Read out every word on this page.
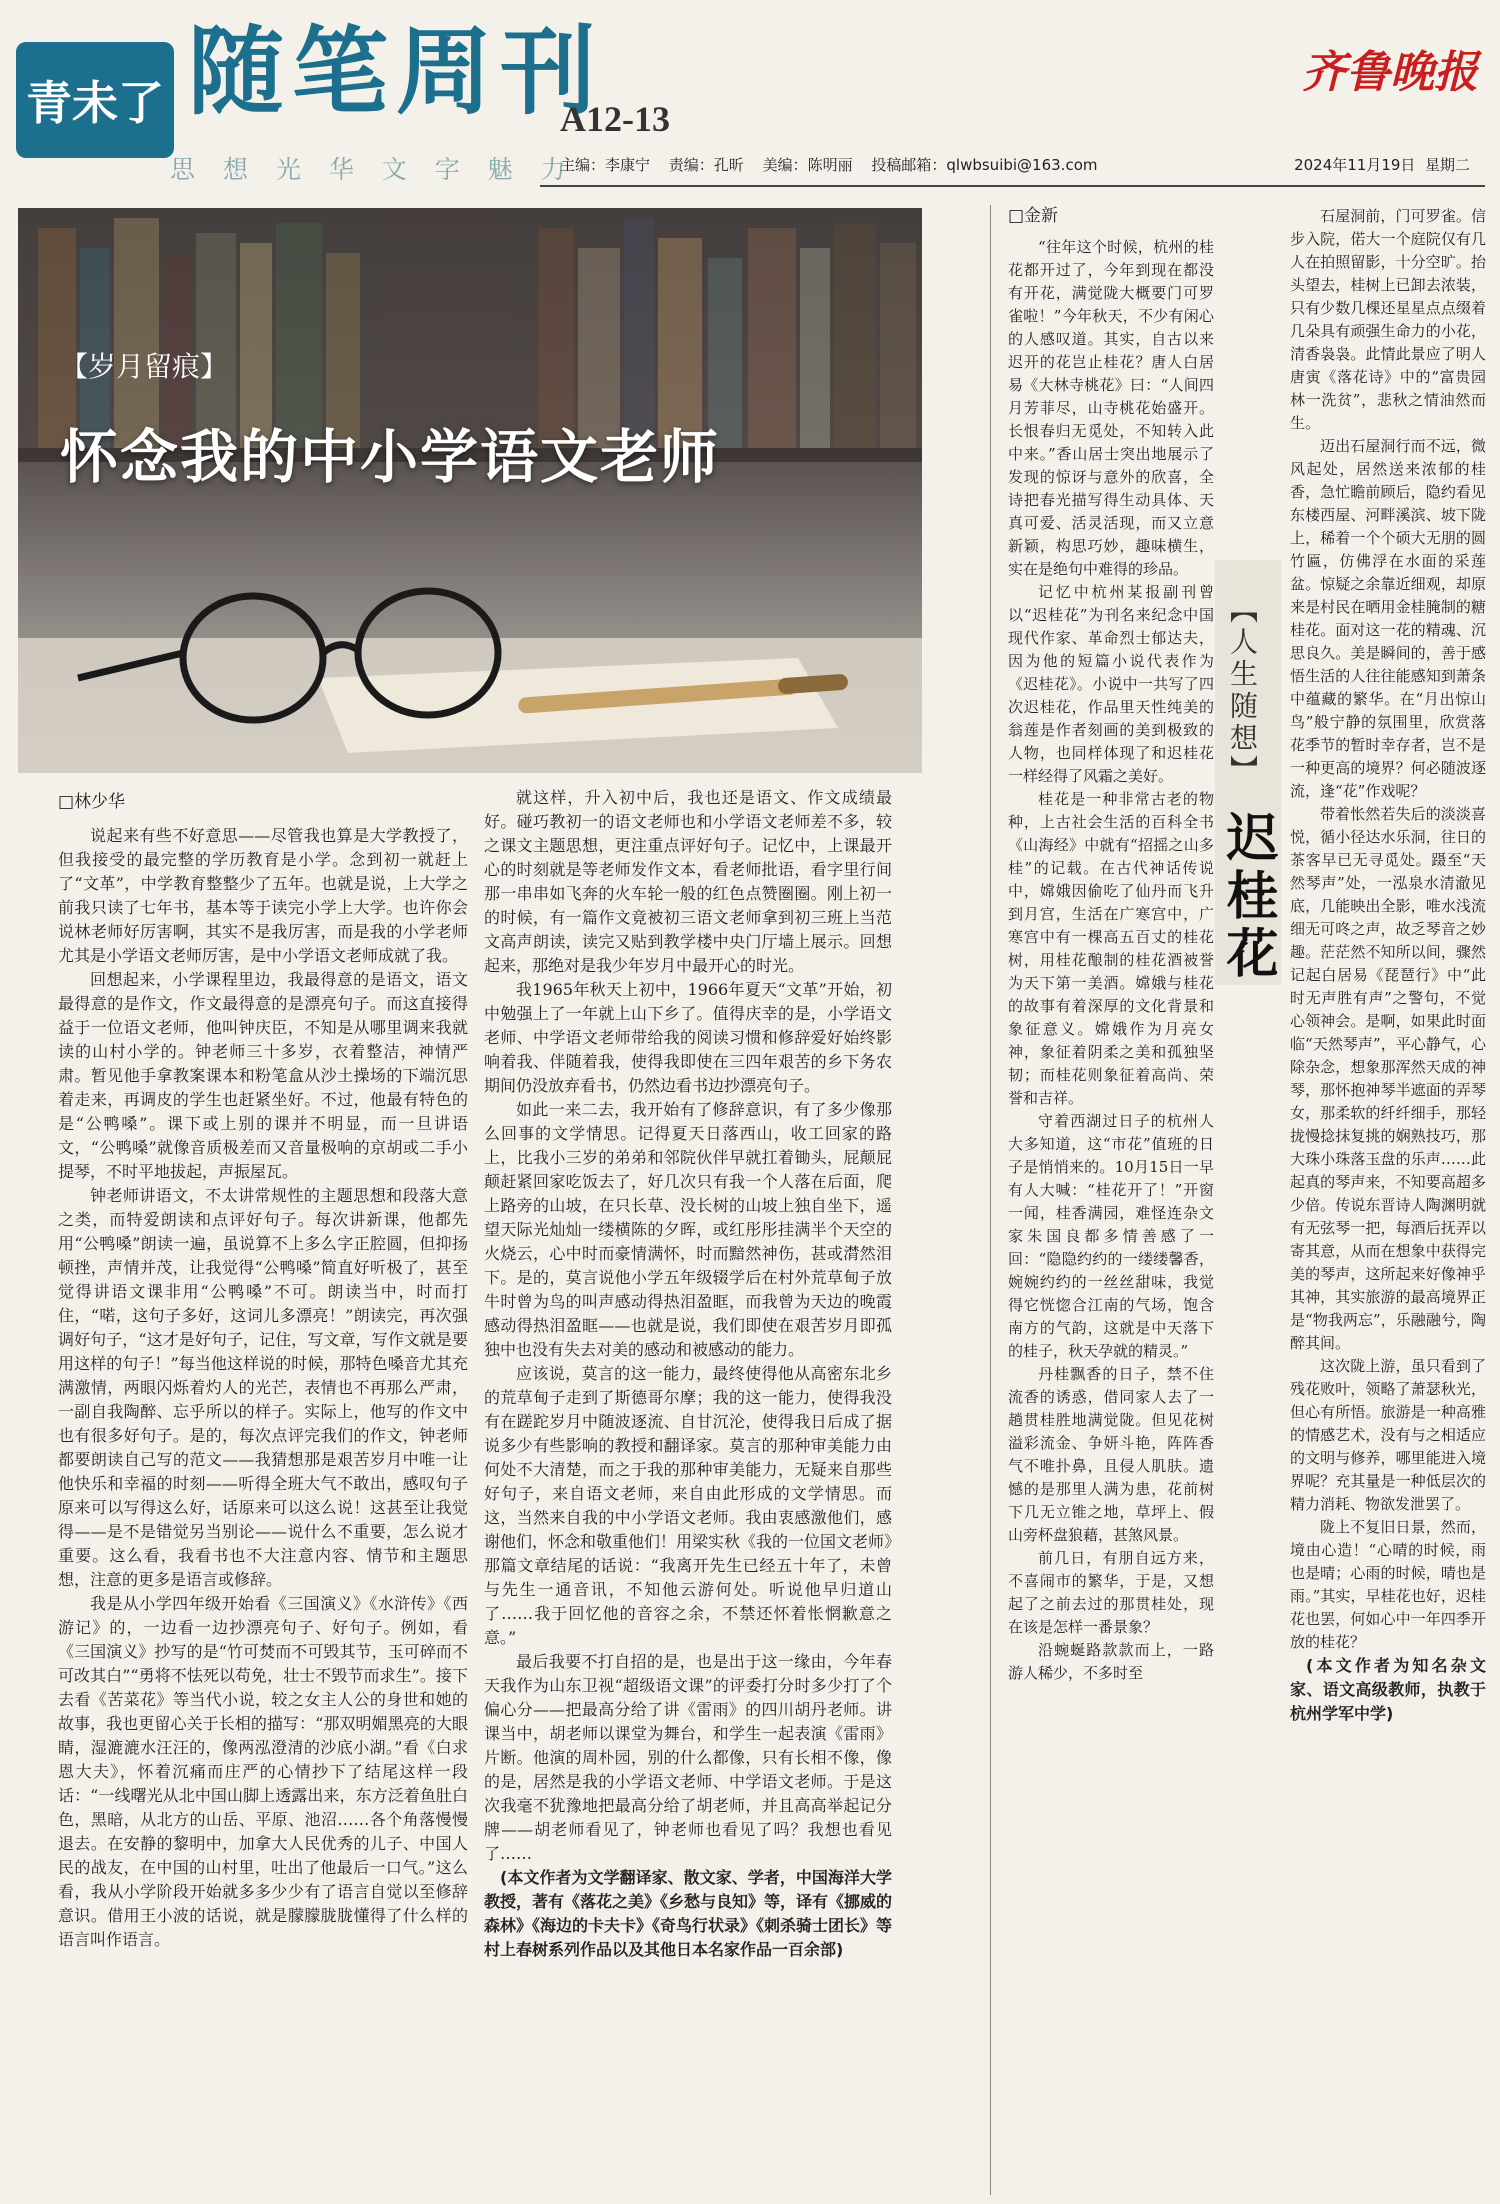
青未了 随笔周刊
A12-13
齐鲁晚报
思 想 光 华 文 字 魅 力
主编：李康宁 责编：孔昕 美编：陈明丽 投稿邮箱：qlwbsuibi@163.com	2024年11月19日 星期二
【岁月留痕】
怀念我的中小学语文老师
□林少华

说起来有些不好意思——尽管我也算是大学教授了，但我接受的最完整的学历教育是小学。念到初一就赶上了“文革”，中学教育整整少了五年。也就是说，上大学之前我只读了七年书，基本等于读完小学上大学。也许你会说林老师好厉害啊，其实不是我厉害，而是我的小学老师尤其是小学语文老师厉害，是中小学语文老师成就了我。

回想起来，小学课程里边，我最得意的是语文，语文最得意的是作文，作文最得意的是漂亮句子。而这直接得益于一位语文老师，他叫钟庆臣，不知是从哪里调来我就读的山村小学的。钟老师三十多岁，衣着整洁，神情严肃。暂见他手拿教案课本和粉笔盒从沙土操场的下端沉思着走来，再调皮的学生也赶紧坐好。不过，他最有特色的是“公鸭嗓”。课下或上别的课并不明显，而一旦讲语文，“公鸭嗓”就像音质极差而又音量极响的京胡或二手小提琴，不时平地拔起，声振屋瓦。

钟老师讲语文，不太讲常规性的主题思想和段落大意之类，而特爱朗读和点评好句子。每次讲新课，他都先用“公鸭嗓”朗读一遍，虽说算不上多么字正腔圆，但抑扬顿挫，声情并茂，让我觉得“公鸭嗓”简直好听极了，甚至觉得讲语文课非用“公鸭嗓”不可。朗读当中，时而打住，“喏，这句子多好，这词儿多漂亮！”朗读完，再次强调好句子，“这才是好句子，记住，写文章，写作文就是要用这样的句子！”每当他这样说的时候，那特色嗓音尤其充满激情，两眼闪烁着灼人的光芒，表情也不再那么严肃，一副自我陶醉、忘乎所以的样子。实际上，他写的作文中也有很多好句子。是的，每次点评完我们的作文，钟老师都要朗读自己写的范文——我猜想那是艰苦岁月中唯一让他快乐和幸福的时刻——听得全班大气不敢出，感叹句子原来可以写得这么好，话原来可以这么说！这甚至让我觉得——是不是错觉另当别论——说什么不重要，怎么说才重要。这么看，我看书也不大注意内容、情节和主题思想，注意的更多是语言或修辞。

我是从小学四年级开始看《三国演义》《水浒传》《西游记》的，一边看一边抄漂亮句子、好句子。例如，看《三国演义》抄写的是“竹可焚而不可毁其节，玉可碎而不可改其白”“勇将不怯死以苟免，壮士不毁节而求生”。接下去看《苦菜花》等当代小说，较之女主人公的身世和她的故事，我也更留心关于长相的描写：“那双明媚黑亮的大眼睛，湿漉漉水汪汪的，像两泓澄清的沙底小湖。”看《白求恩大夫》，怀着沉痛而庄严的心情抄下了结尾这样一段话：“一线曙光从北中国山脚上透露出来，东方泛着鱼肚白色，黑暗，从北方的山岳、平原、池沼……各个角落慢慢退去。在安静的黎明中，加拿大人民优秀的儿子、中国人民的战友，在中国的山村里，吐出了他最后一口气。”这么看，我从小学阶段开始就多多少少有了语言自觉以至修辞意识。借用王小波的话说，就是朦朦胧胧懂得了什么样的语言叫作语言。

就这样，升入初中后，我也还是语文、作文成绩最好。碰巧教初一的语文老师也和小学语文老师差不多，较之课文主题思想，更注重点评好句子。记忆中，上课最开心的时刻就是等老师发作文本，看老师批语，看字里行间那一串串如飞奔的火车轮一般的红色点赞圈圈。刚上初一的时候，有一篇作文竟被初三语文老师拿到初三班上当范文高声朗读，读完又贴到教学楼中央门厅墙上展示。回想起来，那绝对是我少年岁月中最开心的时光。

我1965年秋天上初中，1966年夏天“文革”开始，初中勉强上了一年就上山下乡了。值得庆幸的是，小学语文老师、中学语文老师带给我的阅读习惯和修辞爱好始终影响着我、伴随着我，使得我即使在三四年艰苦的乡下务农期间仍没放弃看书，仍然边看书边抄漂亮句子。

如此一来二去，我开始有了修辞意识，有了多少像那么回事的文学情思。记得夏天日落西山，收工回家的路上，比我小三岁的弟弟和邻院伙伴早就扛着锄头，屁颠屁颠赶紧回家吃饭去了，好几次只有我一个人落在后面，爬上路旁的山坡，在只长草、没长树的山坡上独自坐下，遥望天际光灿灿一缕横陈的夕晖，或红彤彤挂满半个天空的火烧云，心中时而豪情满怀，时而黯然神伤，甚或潸然泪下。是的，莫言说他小学五年级辍学后在村外荒草甸子放牛时曾为鸟的叫声感动得热泪盈眶，而我曾为天边的晚霞感动得热泪盈眶——也就是说，我们即使在艰苦岁月即孤独中也没有失去对美的感动和被感动的能力。

应该说，莫言的这一能力，最终使得他从高密东北乡的荒草甸子走到了斯德哥尔摩；我的这一能力，使得我没有在蹉跎岁月中随波逐流、自甘沉沦，使得我日后成了据说多少有些影响的教授和翻译家。莫言的那种审美能力由何处不大清楚，而之于我的那种审美能力，无疑来自那些好句子，来自语文老师，来自由此形成的文学情思。而这，当然来自我的中小学语文老师。我由衷感激他们，感谢他们，怀念和敬重他们！用梁实秋《我的一位国文老师》那篇文章结尾的话说：“我离开先生已经五十年了，未曾与先生一通音讯，不知他云游何处。听说他早归道山了……我于回忆他的音容之余，不禁还怀着怅惘歉意之意。”

最后我要不打自招的是，也是出于这一缘由，今年春天我作为山东卫视“超级语文课”的评委打分时多少打了个偏心分——把最高分给了讲《雷雨》的四川胡丹老师。讲课当中，胡老师以课堂为舞台，和学生一起表演《雷雨》片断。他演的周朴园，别的什么都像，只有长相不像，像的是，居然是我的小学语文老师、中学语文老师。于是这次我毫不犹豫地把最高分给了胡老师，并且高高举起记分牌——胡老师看见了，钟老师也看见了吗？我想也看见了……

(本文作者为文学翻译家、散文家、学者，中国海洋大学教授，著有《落花之美》《乡愁与良知》等，译有《挪威的森林》《海边的卡夫卡》《奇鸟行状录》《刺杀骑士团长》等村上春树系列作品以及其他日本名家作品一百余部)
【人生随想】
迟桂花
□金新

“往年这个时候，杭州的桂花都开过了，今年到现在都没有开花，满觉陇大概要门可罗雀啦！”今年秋天，不少有闲心的人感叹道。其实，自古以来迟开的花岂止桂花？唐人白居易《大林寺桃花》曰：“人间四月芳菲尽，山寺桃花始盛开。长恨春归无觅处，不知转入此中来。”香山居士突出地展示了发现的惊讶与意外的欣喜，全诗把春光描写得生动具体、天真可爱、活灵活现，而又立意新颖，构思巧妙，趣味横生，实在是绝句中难得的珍品。

记忆中杭州某报副刊曾以“迟桂花”为刊名来纪念中国现代作家、革命烈士郁达夫，因为他的短篇小说代表作为《迟桂花》。小说中一共写了四次迟桂花，作品里天性纯美的翁莲是作者刻画的美到极致的人物，也同样体现了和迟桂花一样经得了风霜之美好。

桂花是一种非常古老的物种，上古社会生活的百科全书《山海经》中就有“招摇之山多桂”的记载。在古代神话传说中，嫦娥因偷吃了仙丹而飞升到月宫，生活在广寒宫中，广寒宫中有一棵高五百丈的桂花树，用桂花酿制的桂花酒被誉为天下第一美酒。嫦娥与桂花的故事有着深厚的文化背景和象征意义。嫦娥作为月亮女神，象征着阴柔之美和孤独坚韧；而桂花则象征着高尚、荣誉和吉祥。

守着西湖过日子的杭州人大多知道，这“市花”值班的日子是悄悄来的。10月15日一早有人大喊：“桂花开了！”开窗一闻，桂香满园，难怪连杂文家朱国良都多情善感了一回：“隐隐约约的一缕缕馨香，婉婉约约的一丝丝甜味，我觉得它恍惚合江南的气场，饱含南方的气韵，这就是中天落下的桂子，秋天孕就的精灵。”

丹桂飘香的日子，禁不住流香的诱惑，借同家人去了一趟贯桂胜地满觉陇。但见花树溢彩流金、争妍斗艳，阵阵香气不唯扑鼻，且侵人肌肤。遗憾的是那里人满为患，花前树下几无立锥之地，草坪上、假山旁杯盘狼藉，甚煞风景。

前几日，有朋自远方来，不喜闹市的繁华，于是，又想起了之前去过的那贯桂处，现在该是怎样一番景象？

沿蜿蜒路款款而上，一路游人稀少，不多时至

石屋洞前，门可罗雀。信步入院，偌大一个庭院仅有几人在拍照留影，十分空旷。抬头望去，桂树上已卸去浓装，只有少数几棵还星星点点缀着几朵具有顽强生命力的小花，清香袅袅。此情此景应了明人唐寅《落花诗》中的“富贵园林一洗贫”，悲秋之情油然而生。

迈出石屋洞行而不远，微风起处，居然送来浓郁的桂香，急忙瞻前顾后，隐约看见东楼西屋、河畔溪滨、坡下陇上，稀着一个个硕大无朋的圆竹匾，仿佛浮在水面的采莲盆。惊疑之余靠近细观，却原来是村民在晒用金桂腌制的糖桂花。面对这一花的精魂、沉思良久。美是瞬间的，善于感悟生活的人往往能感知到萧条中蕴藏的繁华。在“月出惊山鸟”般宁静的氛围里，欣赏落花季节的暂时幸存者，岂不是一种更高的境界？何必随波逐流，逢“花”作戏呢？

带着怅然若失后的淡淡喜悦，循小径达水乐洞，往日的茶客早已无寻觅处。蹑至“天然琴声”处，一泓泉水清澈见底，几能映出全影，唯水浅流细无可咚之声，故乏琴音之妙趣。茫茫然不知所以间，骤然记起白居易《琵琶行》中“此时无声胜有声”之警句，不觉心领神会。是啊，如果此时面临“天然琴声”，平心静气，心除杂念，想象那浑然天成的神琴，那怀抱神琴半遮面的弄琴女，那柔软的纤纤细手，那轻拢慢捻抹复挑的娴熟技巧，那大珠小珠落玉盘的乐声……此起真的琴声来，不知要高超多少倍。传说东晋诗人陶渊明就有无弦琴一把，每酒后抚弄以寄其意，从而在想象中获得完美的琴声，这所起来好像神乎其神，其实旅游的最高境界正是“物我两忘”，乐融融兮，陶醉其间。

这次陇上游，虽只看到了残花败叶，领略了萧瑟秋光，但心有所悟。旅游是一种高雅的情感艺术，没有与之相适应的文明与修养，哪里能进入境界呢？充其量是一种低层次的精力消耗、物欲发泄罢了。

陇上不复旧日景，然而，境由心造！“心晴的时候，雨也是晴；心雨的时候，晴也是雨。”其实，早桂花也好，迟桂花也罢，何如心中一年四季开放的桂花？

(本文作者为知名杂文家、语文高级教师，执教于杭州学军中学)
